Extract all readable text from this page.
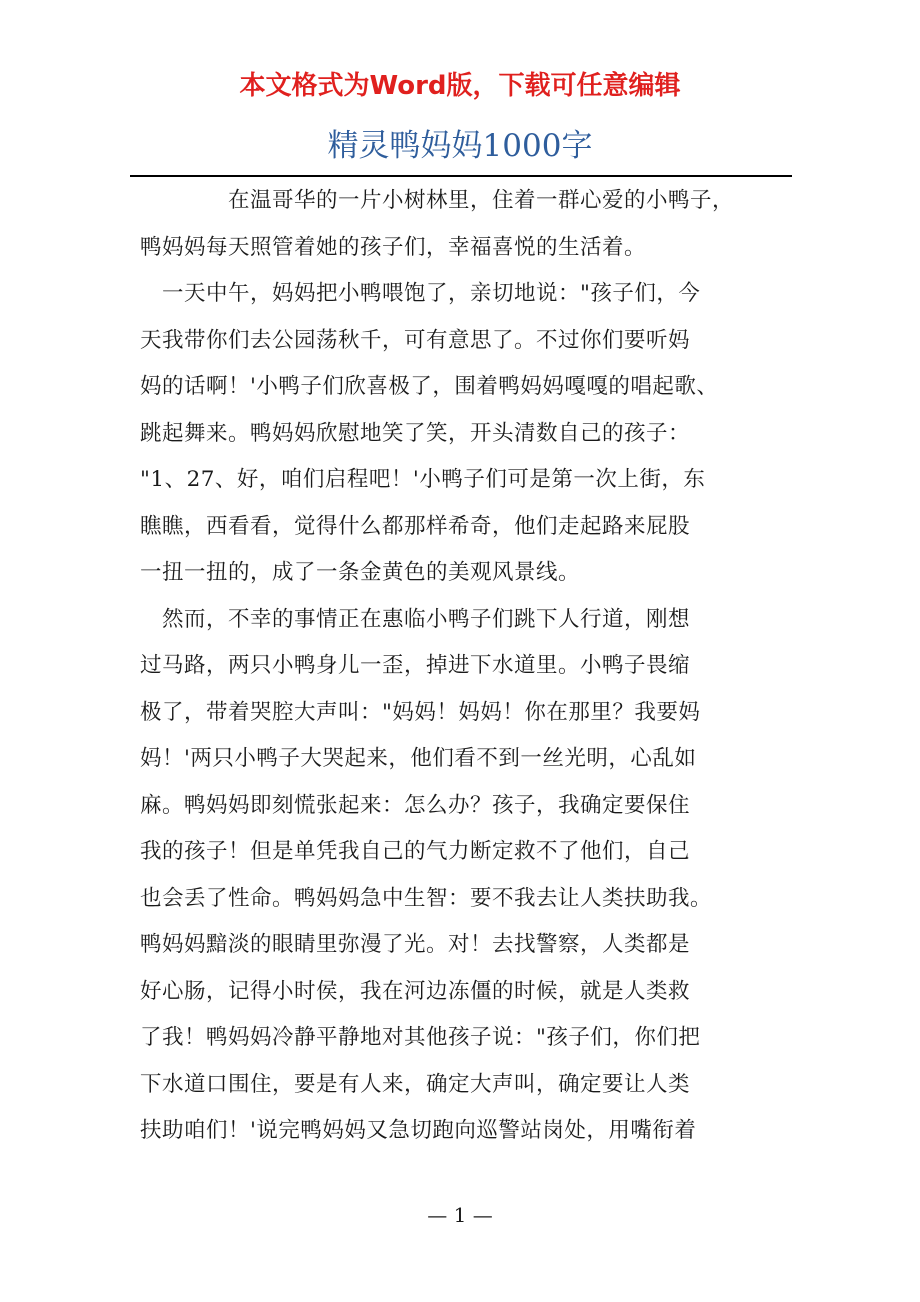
本文格式为Word版，下载可任意编辑
精灵鸭妈妈1000字
在温哥华的一片小树林里，住着一群心爱的小鸭子，
鸭妈妈每天照管着她的孩子们，幸福喜悦的生活着。
一天中午，妈妈把小鸭喂饱了，亲切地说："孩子们，今
天我带你们去公园荡秋千，可有意思了。不过你们要听妈
妈的话啊！'小鸭子们欣喜极了，围着鸭妈妈嘎嘎的唱起歌、
跳起舞来。鸭妈妈欣慰地笑了笑，开头清数自己的孩子：
"1、27、好，咱们启程吧！'小鸭子们可是第一次上街，东
瞧瞧，西看看，觉得什么都那样希奇，他们走起路来屁股
一扭一扭的，成了一条金黄色的美观风景线。
然而，不幸的事情正在惠临小鸭子们跳下人行道，刚想
过马路，两只小鸭身儿一歪，掉进下水道里。小鸭子畏缩
极了，带着哭腔大声叫："妈妈！妈妈！你在那里？我要妈
妈！'两只小鸭子大哭起来，他们看不到一丝光明，心乱如
麻。鸭妈妈即刻慌张起来：怎么办？孩子，我确定要保住
我的孩子！但是单凭我自己的气力断定救不了他们，自己
也会丢了性命。鸭妈妈急中生智：要不我去让人类扶助我。
鸭妈妈黯淡的眼睛里弥漫了光。对！去找警察，人类都是
好心肠，记得小时侯，我在河边冻僵的时候，就是人类救
了我！鸭妈妈冷静平静地对其他孩子说："孩子们，你们把
下水道口围住，要是有人来，确定大声叫，确定要让人类
扶助咱们！'说完鸭妈妈又急切跑向巡警站岗处，用嘴衔着
— 1 —
